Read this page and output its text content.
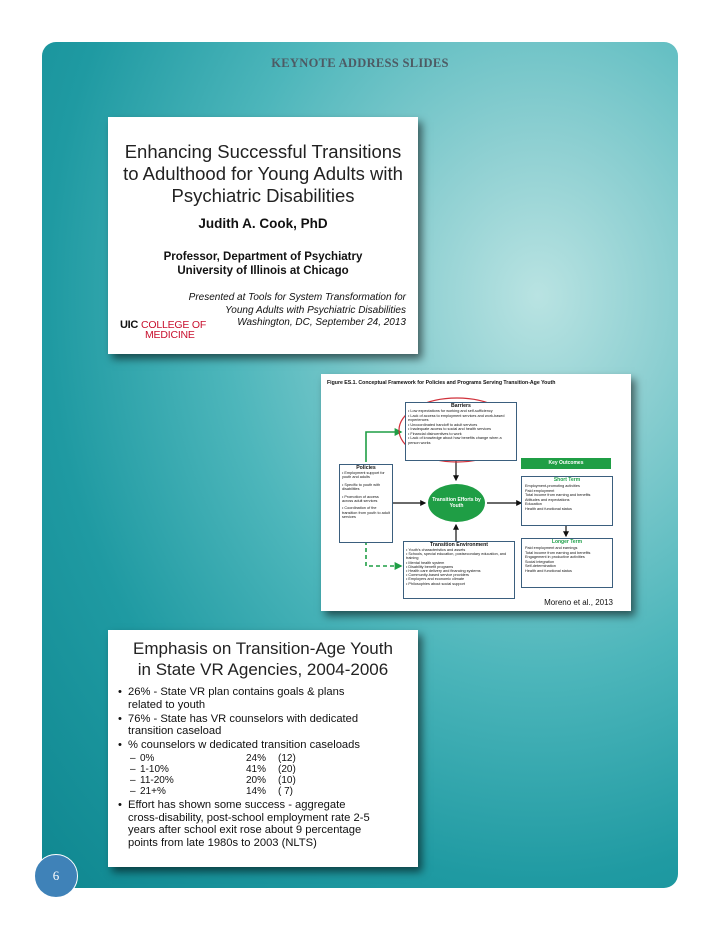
KEYNOTE ADDRESS SLIDES
Enhancing Successful Transitions
to Adulthood for Young Adults with
Psychiatric Disabilities
Judith A. Cook, PhD
Professor, Department of Psychiatry
University of Illinois at Chicago
Presented at Tools for System Transformation for
Young Adults with Psychiatric Disabilities
Washington, DC, September 24, 2013
UIC COLLEGE OF
MEDICINE
Figure ES.1. Conceptual Framework for Policies and Programs Serving Transition-Age Youth
Barriers
• Low expectations for working and self-sufficiency
• Lack of access to employment services and work-based experiences
• Uncoordinated handoff to adult services
• Inadequate access to social and health services
• Financial disincentives to work
• Lack of knowledge about how benefits change when a person works
Policies
• Employment support for youth and adults
• Specific to youth with disabilities
• Promotion of access across adult services
• Coordination of the transition from youth to adult services
Transition Efforts by Youth
Key Outcomes
Short Term
Employment-promoting activities
Paid employment
Total income from earning and benefits
Attitudes and expectations
Education
Health and functional status
Longer Term
Paid employment and earnings
Total income from earning and benefits
Engagement in productive activities
Social integration
Self-determination
Health and functional status
Transition Environment
• Youth's characteristics and assets
• Schools, special education, postsecondary education, and training
• Mental health system
• Disability benefit programs
• Health care delivery and financing systems
• Community-based service providers
• Employers and economic climate
• Philosophies about social support
Moreno et al., 2013
Emphasis on Transition-Age Youth
in State VR Agencies, 2004-2006
• 26% - State VR plan contains goals & plans
related to youth
• 76% - State has VR counselors with dedicated
transition caseload
• % counselors w dedicated transition caseloads
– 0%	24% (12)
– 1-10%	41% (20)
– 11-20%	20% (10)
– 21+%	14% ( 7)
• Effort has shown some success - aggregate
cross-disability, post-school employment rate 2-5
years after school exit rose about 9 percentage
points from late 1980s to 2003 (NLTS)
6
